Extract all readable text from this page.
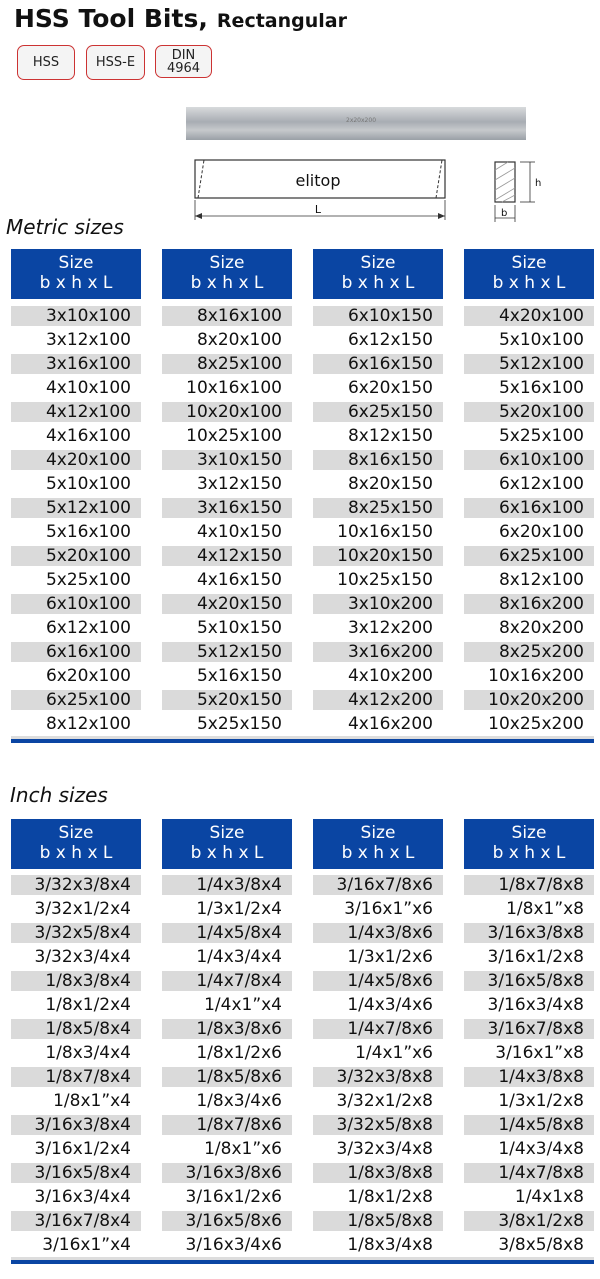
HSS Tool Bits, Rectangular
HSS	HSS-E	DIN 4964
2x20x200
elitop
L
h
b
Metric sizes
Size
b x h x L
Size
b x h x L
Size
b x h x L
Size
b x h x L
3x10x100	8x16x100	6x10x150	4x20x100
3x12x100	8x20x100	6x12x150	5x10x100
3x16x100	8x25x100	6x16x150	5x12x100
4x10x100	10x16x100	6x20x150	5x16x100
4x12x100	10x20x100	6x25x150	5x20x100
4x16x100	10x25x100	8x12x150	5x25x100
4x20x100	3x10x150	8x16x150	6x10x100
5x10x100	3x12x150	8x20x150	6x12x100
5x12x100	3x16x150	8x25x150	6x16x100
5x16x100	4x10x150	10x16x150	6x20x100
5x20x100	4x12x150	10x20x150	6x25x100
5x25x100	4x16x150	10x25x150	8x12x100
6x10x100	4x20x150	3x10x200	8x16x200
6x12x100	5x10x150	3x12x200	8x20x200
6x16x100	5x12x150	3x16x200	8x25x200
6x20x100	5x16x150	4x10x200	10x16x200
6x25x100	5x20x150	4x12x200	10x20x200
8x12x100	5x25x150	4x16x200	10x25x200
Inch sizes
Size
b x h x L
Size
b x h x L
Size
b x h x L
Size
b x h x L
3/32x3/8x4	1/4x3/8x4	3/16x7/8x6	1/8x7/8x8
3/32x1/2x4	1/3x1/2x4	3/16x1”x6	1/8x1”x8
3/32x5/8x4	1/4x5/8x4	1/4x3/8x6	3/16x3/8x8
3/32x3/4x4	1/4x3/4x4	1/3x1/2x6	3/16x1/2x8
1/8x3/8x4	1/4x7/8x4	1/4x5/8x6	3/16x5/8x8
1/8x1/2x4	1/4x1”x4	1/4x3/4x6	3/16x3/4x8
1/8x5/8x4	1/8x3/8x6	1/4x7/8x6	3/16x7/8x8
1/8x3/4x4	1/8x1/2x6	1/4x1”x6	3/16x1”x8
1/8x7/8x4	1/8x5/8x6	3/32x3/8x8	1/4x3/8x8
1/8x1”x4	1/8x3/4x6	3/32x1/2x8	1/3x1/2x8
3/16x3/8x4	1/8x7/8x6	3/32x5/8x8	1/4x5/8x8
3/16x1/2x4	1/8x1”x6	3/32x3/4x8	1/4x3/4x8
3/16x5/8x4	3/16x3/8x6	1/8x3/8x8	1/4x7/8x8
3/16x3/4x4	3/16x1/2x6	1/8x1/2x8	1/4x1x8
3/16x7/8x4	3/16x5/8x6	1/8x5/8x8	3/8x1/2x8
3/16x1”x4	3/16x3/4x6	1/8x3/4x8	3/8x5/8x8
